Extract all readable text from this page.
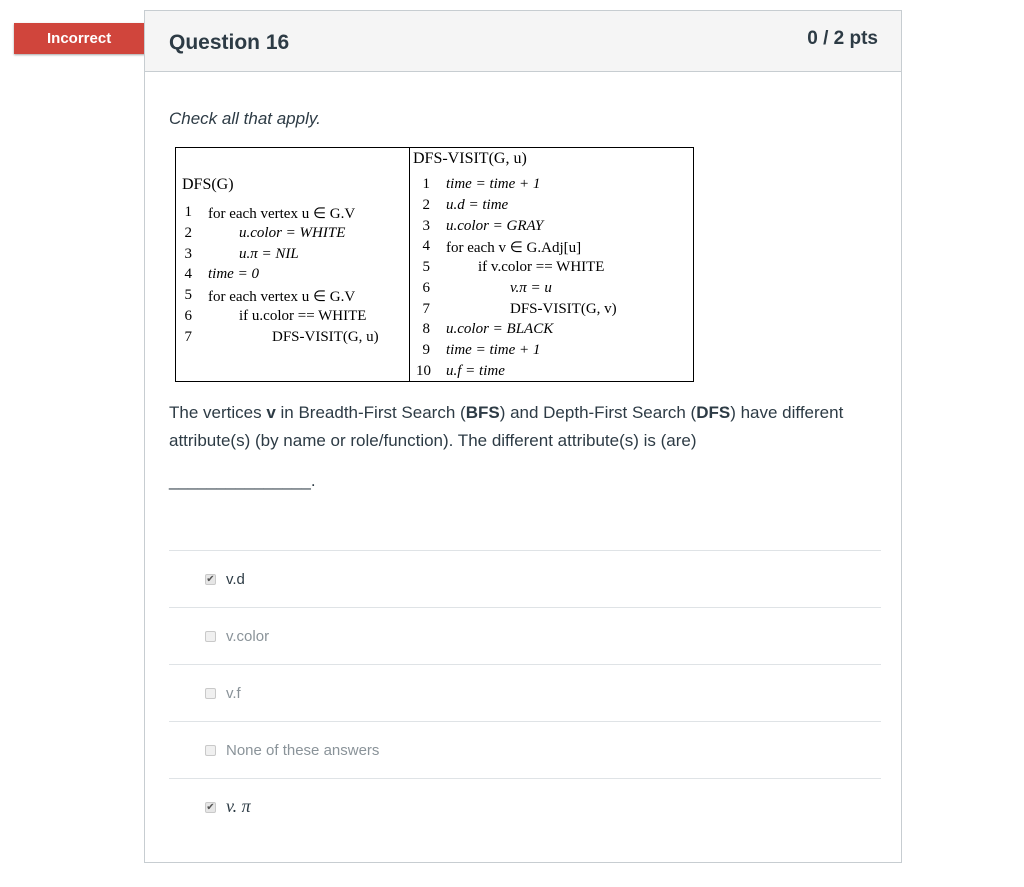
Incorrect	Question 16	0 / 2 pts
Check all that apply.
DFS(G)
1 for each vertex u ∈ G.V
2	u.color = WHITE
3	u.π = NIL
4 time = 0
5 for each vertex u ∈ G.V
6	if u.color == WHITE
7	DFS-VISIT(G, u)
DFS-VISIT(G, u)
1 time = time + 1
2 u.d = time
3 u.color = GRAY
4 for each v ∈ G.Adj[u]
5	if v.color == WHITE
6	v.π = u
7	DFS-VISIT(G, v)
8 u.color = BLACK
9 time = time + 1
10 u.f = time
The vertices v in Breadth-First Search (BFS) and Depth-First Search (DFS) have different attribute(s) (by name or role/function). The different attribute(s) is (are)
_______________.
✔ v.d
v.color
v.f
None of these answers
✔ v. π
